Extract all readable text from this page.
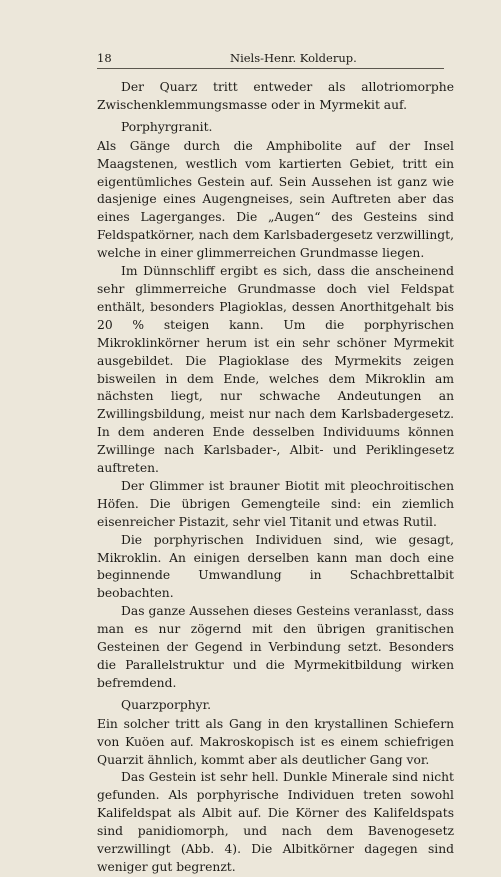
18	Niels-Henr. Kolderup.

Der Quarz tritt entweder als allotriomorphe Zwischenklemmungsmasse oder in Myrmekit auf.

Porphyrgranit.

Als Gänge durch die Amphibolite auf der Insel Maagstenen, westlich vom kartierten Gebiet, tritt ein eigentümliches Gestein auf. Sein Aussehen ist ganz wie dasjenige eines Augengneises, sein Auftreten aber das eines Lagerganges. Die „Augen“ des Gesteins sind Feldspatkörner, nach dem Karlsbadergesetz verzwillingt, welche in einer glimmerreichen Grundmasse liegen.

Im Dünnschliff ergibt es sich, dass die anscheinend sehr glimmerreiche Grundmasse doch viel Feldspat enthält, besonders Plagioklas, dessen Anorthitgehalt bis 20 % steigen kann. Um die porphyrischen Mikroklinkörner herum ist ein sehr schöner Myrmekit ausgebildet. Die Plagioklase des Myrmekits zeigen bisweilen in dem Ende, welches dem Mikroklin am nächsten liegt, nur schwache Andeutungen an Zwillingsbildung, meist nur nach dem Karlsbadergesetz. In dem anderen Ende desselben Individuums können Zwillinge nach Karlsbader-, Albit- und Periklingesetz auftreten.

Der Glimmer ist brauner Biotit mit pleochroitischen Höfen. Die übrigen Gemengteile sind: ein ziemlich eisenreicher Pistazit, sehr viel Titanit und etwas Rutil.

Die porphyrischen Individuen sind, wie gesagt, Mikroklin. An einigen derselben kann man doch eine beginnende Umwandlung in Schachbrettalbit beobachten.

Das ganze Aussehen dieses Gesteins veranlasst, dass man es nur zögernd mit den übrigen granitischen Gesteinen der Gegend in Verbindung setzt. Besonders die Parallelstruktur und die Myrmekitbildung wirken befremdend.

Quarzporphyr.

Ein solcher tritt als Gang in den krystallinen Schiefern von Kuöen auf. Makroskopisch ist es einem schiefrigen Quarzit ähnlich, kommt aber als deutlicher Gang vor.

Das Gestein ist sehr hell. Dunkle Minerale sind nicht gefunden. Als porphyrische Individuen treten sowohl Kalifeldspat als Albit auf. Die Körner des Kalifeldspats sind panidiomorph, und nach dem Bavenogesetz verzwillingt (Abb. 4). Die Albitkörner dagegen sind weniger gut begrenzt.
